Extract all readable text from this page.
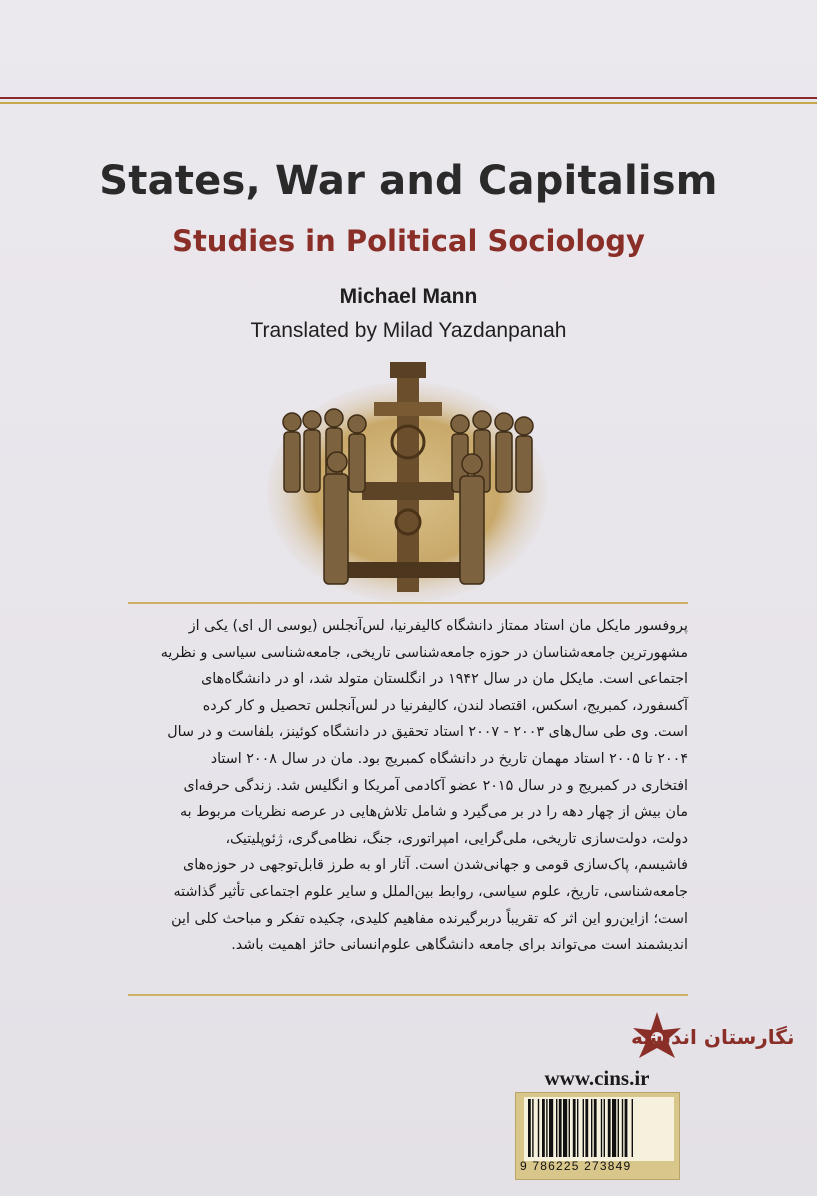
States, War and Capitalism
Studies in Political Sociology
Michael Mann
Translated by Milad Yazdanpanah
پروفسور مایکل مان استاد ممتاز دانشگاه کالیفرنیا، لس‌آنجلس (یوسی ال ای) یکی از
مشهورترین جامعه‌شناسان در حوزه جامعه‌شناسی تاریخی، جامعه‌شناسی سیاسی و نظریه
اجتماعی است. مایکل مان در سال ۱۹۴۲ در انگلستان متولد شد، او در دانشگاه‌های
آکسفورد، کمبریج، اسکس، اقتصاد لندن، کالیفرنیا در لس‌آنجلس تحصیل و کار کرده
است. وی طی سال‌های ۲۰۰۳ - ۲۰۰۷ استاد تحقیق در دانشگاه کوئینز، بلفاست و در سال
۲۰۰۴ تا ۲۰۰۵ استاد مهمان تاریخ در دانشگاه کمبریج بود. مان در سال ۲۰۰۸ استاد
افتخاری در کمبریج و در سال ۲۰۱۵ عضو آکادمی آمریکا و انگلیس شد. زندگی حرفه‌ای
مان بیش از چهار دهه را در بر می‌گیرد و شامل تلاش‌هایی در عرصه نظریات مربوط به
دولت، دولت‌سازی تاریخی، ملی‌گرایی، امپراتوری، جنگ، نظامی‌گری، ژئوپلیتیک،
فاشیسم، پاک‌سازی قومی و جهانی‌شدن است. آثار او به طرز قابل‌توجهی در حوزه‌های
جامعه‌شناسی، تاریخ، علوم سیاسی، روابط بین‌الملل و سایر علوم اجتماعی تأثیر گذاشته
است؛ ازاین‌رو این اثر که تقریباً دربرگیرنده مفاهیم کلیدی، چکیده تفکر و مباحث کلی این
اندیشمند است می‌تواند برای جامعه دانشگاهی علوم‌انسانی حائز اهمیت باشد.
نگارستان اندیشه
www.cins.ir
9 786225 273849
